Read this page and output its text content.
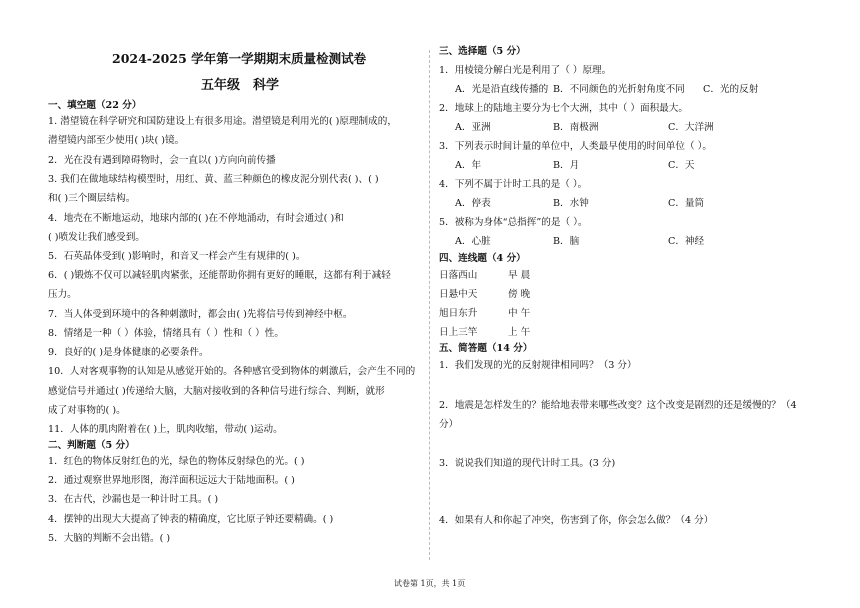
2024-2025 学年第一学期期末质量检测试卷
五年级　科学
一、填空题（22 分）
1. 潜望镜在科学研究和国防建设上有很多用途。潜望镜是利用光的( )原理制成的，
潜望镜内部至少使用( )块( )镜。
2．光在没有遇到障碍物时，会一直以( )方向向前传播
3. 我们在做地球结构模型时，用红、黄、蓝三种颜色的橡皮泥分别代表( )、( )
和( )三个圈层结构。
4．地壳在不断地运动，地球内部的( )在不停地涌动，有时会通过( )和
( )喷发让我们感受到。
5．石英晶体受到( )影响时，和音叉一样会产生有规律的( )。
6．( )锻炼不仅可以减轻肌肉紧张，还能帮助你拥有更好的睡眠，这都有利于减轻
压力。
7．当人体受到环境中的各种刺激时，都会由( )先将信号传到神经中枢。
8．情绪是一种（ ）体验，情绪具有（ ）性和（ ）性。
9．良好的( )是身体健康的必要条件。
10．人对客观事物的认知是从感觉开始的。各种感官受到物体的刺激后，会产生不同的
感觉信号并通过( )传递给大脑，大脑对接收到的各种信号进行综合、判断，就形
成了对事物的( )。
11．人体的肌肉附着在( )上，肌肉收缩，带动( )运动。
二、判断题（5 分）
1．红色的物体反射红色的光，绿色的物体反射绿色的光。( )
2．通过观察世界地形图，海洋面积远远大于陆地面积。( )
3．在古代，沙漏也是一种计时工具。( )
4．摆钟的出现大大提高了钟表的精确度，它比原子钟还要精确。( )
5．大脑的判断不会出错。( )
三、选择题（5 分）
1．用棱镜分解白光是利用了（ ）原理。
A．光是沿直线传播的 B．不同颜色的光折射角度不同 C．光的反射
2．地球上的陆地主要分为七个大洲，其中（ ）面积最大。
A．亚洲	B．南极洲	C．大洋洲
3．下列表示时间计量的单位中，人类最早使用的时间单位（ ）。
A．年	B．月	C．天
4．下列不属于计时工具的是（ ）。
A．停表	B．水钟	C．量筒
5．被称为身体“总指挥”的是（ ）。
A．心脏	B．脑	C．神经
四、连线题（4 分）
日落西山	早 晨
日悬中天	傍 晚
旭日东升	中 午
日上三竿	上 午
五、简答题（14 分）
1．我们发现的光的反射规律相同吗？（3 分）
2．地震是怎样发生的？能给地表带来哪些改变？这个改变是剧烈的还是缓慢的？（4
分）
3．说说我们知道的现代计时工具。(3 分)
4．如果有人和你起了冲突，伤害到了你，你会怎么做？（4 分）
试卷第 1页，共 1页
